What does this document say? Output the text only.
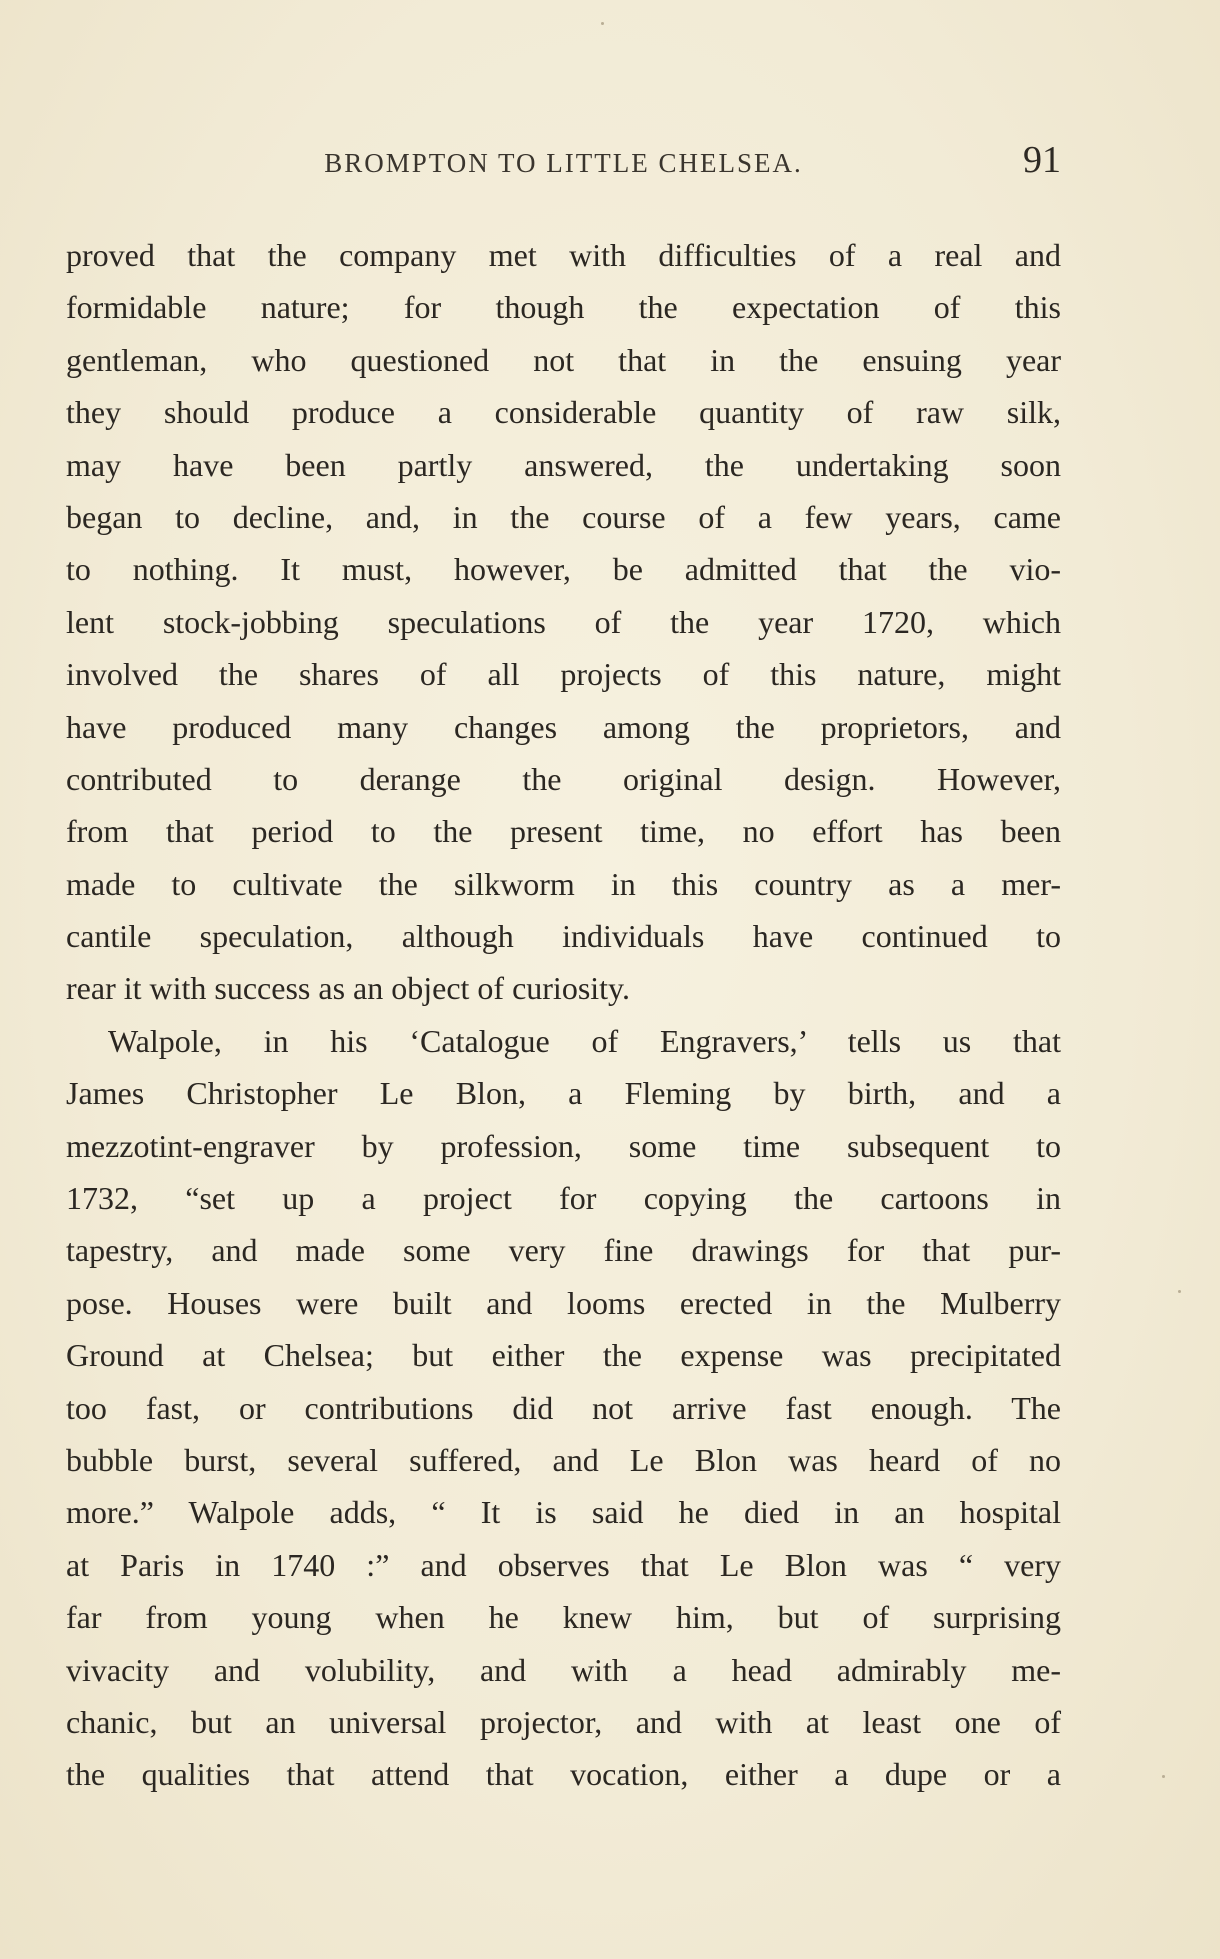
BROMPTON TO LITTLE CHELSEA.	91
proved that the company met with difficulties of a real and
formidable nature; for though the expectation of this
gentleman, who questioned not that in the ensuing year
they should produce a considerable quantity of raw silk,
may have been partly answered, the undertaking soon
began to decline, and, in the course of a few years, came
to nothing. It must, however, be admitted that the vio-
lent stock-jobbing speculations of the year 1720, which
involved the shares of all projects of this nature, might
have produced many changes among the proprietors, and
contributed to derange the original design. However,
from that period to the present time, no effort has been
made to cultivate the silkworm in this country as a mer-
cantile speculation, although individuals have continued to
rear it with success as an object of curiosity.
Walpole, in his ‘Catalogue of Engravers,’ tells us that
James Christopher Le Blon, a Fleming by birth, and a
mezzotint-engraver by profession, some time subsequent to
1732, “set up a project for copying the cartoons in
tapestry, and made some very fine drawings for that pur-
pose. Houses were built and looms erected in the Mulberry
Ground at Chelsea; but either the expense was precipitated
too fast, or contributions did not arrive fast enough. The
bubble burst, several suffered, and Le Blon was heard of no
more.” Walpole adds, “ It is said he died in an hospital
at Paris in 1740 :” and observes that Le Blon was “ very
far from young when he knew him, but of surprising
vivacity and volubility, and with a head admirably me-
chanic, but an universal projector, and with at least one of
the qualities that attend that vocation, either a dupe or a
